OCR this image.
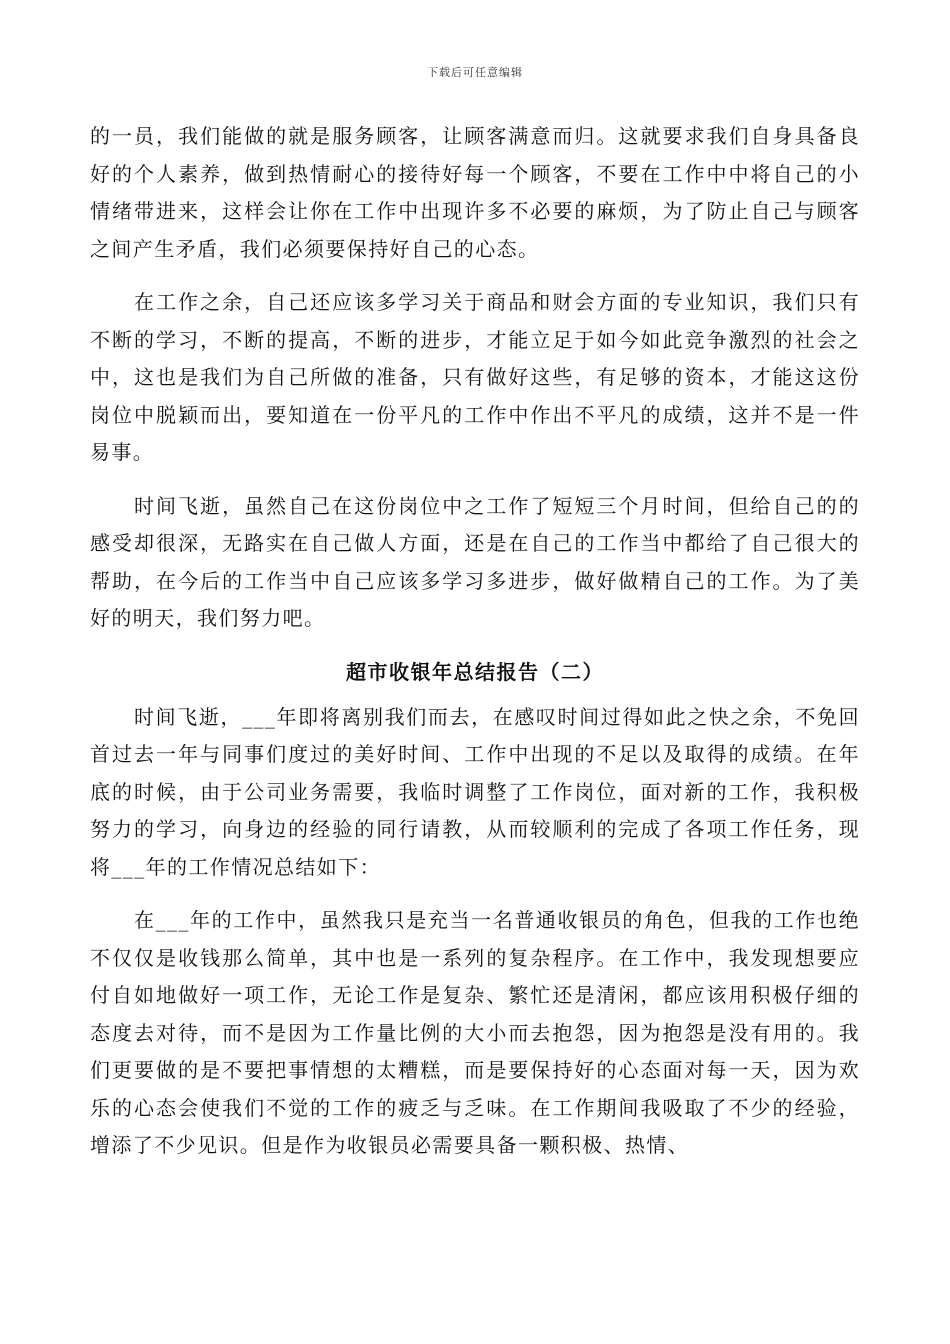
下载后可任意编辑

的一员，我们能做的就是服务顾客，让顾客满意而归。这就要求我们自身具备良好的个人素养，做到热情耐心的接待好每一个顾客，不要在工作中中将自己的小情绪带进来，这样会让你在工作中出现许多不必要的麻烦，为了防止自己与顾客之间产生矛盾，我们必须要保持好自己的心态。

在工作之余，自己还应该多学习关于商品和财会方面的专业知识，我们只有不断的学习，不断的提高，不断的进步，才能立足于如今如此竞争激烈的社会之中，这也是我们为自己所做的准备，只有做好这些，有足够的资本，才能这这份岗位中脱颖而出，要知道在一份平凡的工作中作出不平凡的成绩，这并不是一件易事。

时间飞逝，虽然自己在这份岗位中之工作了短短三个月时间，但给自己的的感受却很深，无路实在自己做人方面，还是在自己的工作当中都给了自己很大的帮助，在今后的工作当中自己应该多学习多进步，做好做精自己的工作。为了美好的明天，我们努力吧。

超市收银年总结报告（二）

时间飞逝，___年即将离别我们而去，在感叹时间过得如此之快之余，不免回首过去一年与同事们度过的美好时间、工作中出现的不足以及取得的成绩。在年底的时候，由于公司业务需要，我临时调整了工作岗位，面对新的工作，我积极努力的学习，向身边的经验的同行请教，从而较顺利的完成了各项工作任务，现将___年的工作情况总结如下：

在___年的工作中，虽然我只是充当一名普通收银员的角色，但我的工作也绝不仅仅是收钱那么简单，其中也是一系列的复杂程序。在工作中，我发现想要应付自如地做好一项工作，无论工作是复杂、繁忙还是清闲，都应该用积极仔细的态度去对待，而不是因为工作量比例的大小而去抱怨，因为抱怨是没有用的。我们更要做的是不要把事情想的太糟糕，而是要保持好的心态面对每一天，因为欢乐的心态会使我们不觉的工作的疲乏与乏味。在工作期间我吸取了不少的经验，增添了不少见识。但是作为收银员必需要具备一颗积极、热情、
